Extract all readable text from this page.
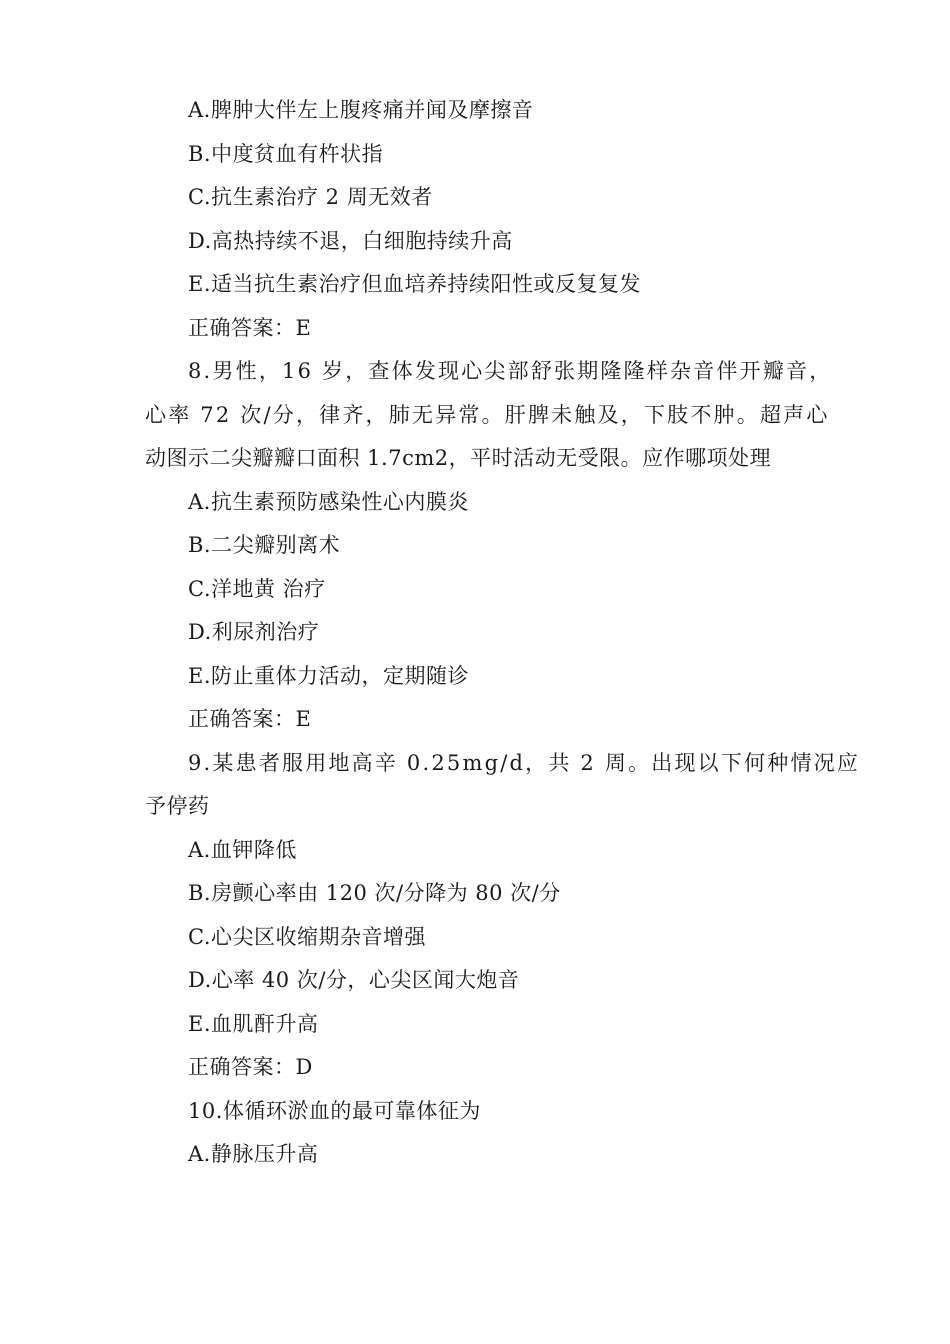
A.脾肿大伴左上腹疼痛并闻及摩擦音
B.中度贫血有杵状指
C.抗生素治疗 2 周无效者
D.高热持续不退，白细胞持续升高
E.适当抗生素治疗但血培养持续阳性或反复复发
正确答案：E
8.男性，16 岁，查体发现心尖部舒张期隆隆样杂音伴开瓣音，
心率 72 次/分，律齐，肺无异常。肝脾未触及，下肢不肿。超声心
动图示二尖瓣瓣口面积 1.7cm2，平时活动无受限。应作哪项处理
A.抗生素预防感染性心内膜炎
B.二尖瓣别离术
C.洋地黄 治疗
D.利尿剂治疗
E.防止重体力活动，定期随诊
正确答案：E
9.某患者服用地高辛 0.25mg/d，共 2 周。出现以下何种情况应
予停药
A.血钾降低
B.房颤心率由 120 次/分降为 80 次/分
C.心尖区收缩期杂音增强
D.心率 40 次/分，心尖区闻大炮音
E.血肌酐升高
正确答案：D
10.体循环淤血的最可靠体征为
A.静脉压升高
